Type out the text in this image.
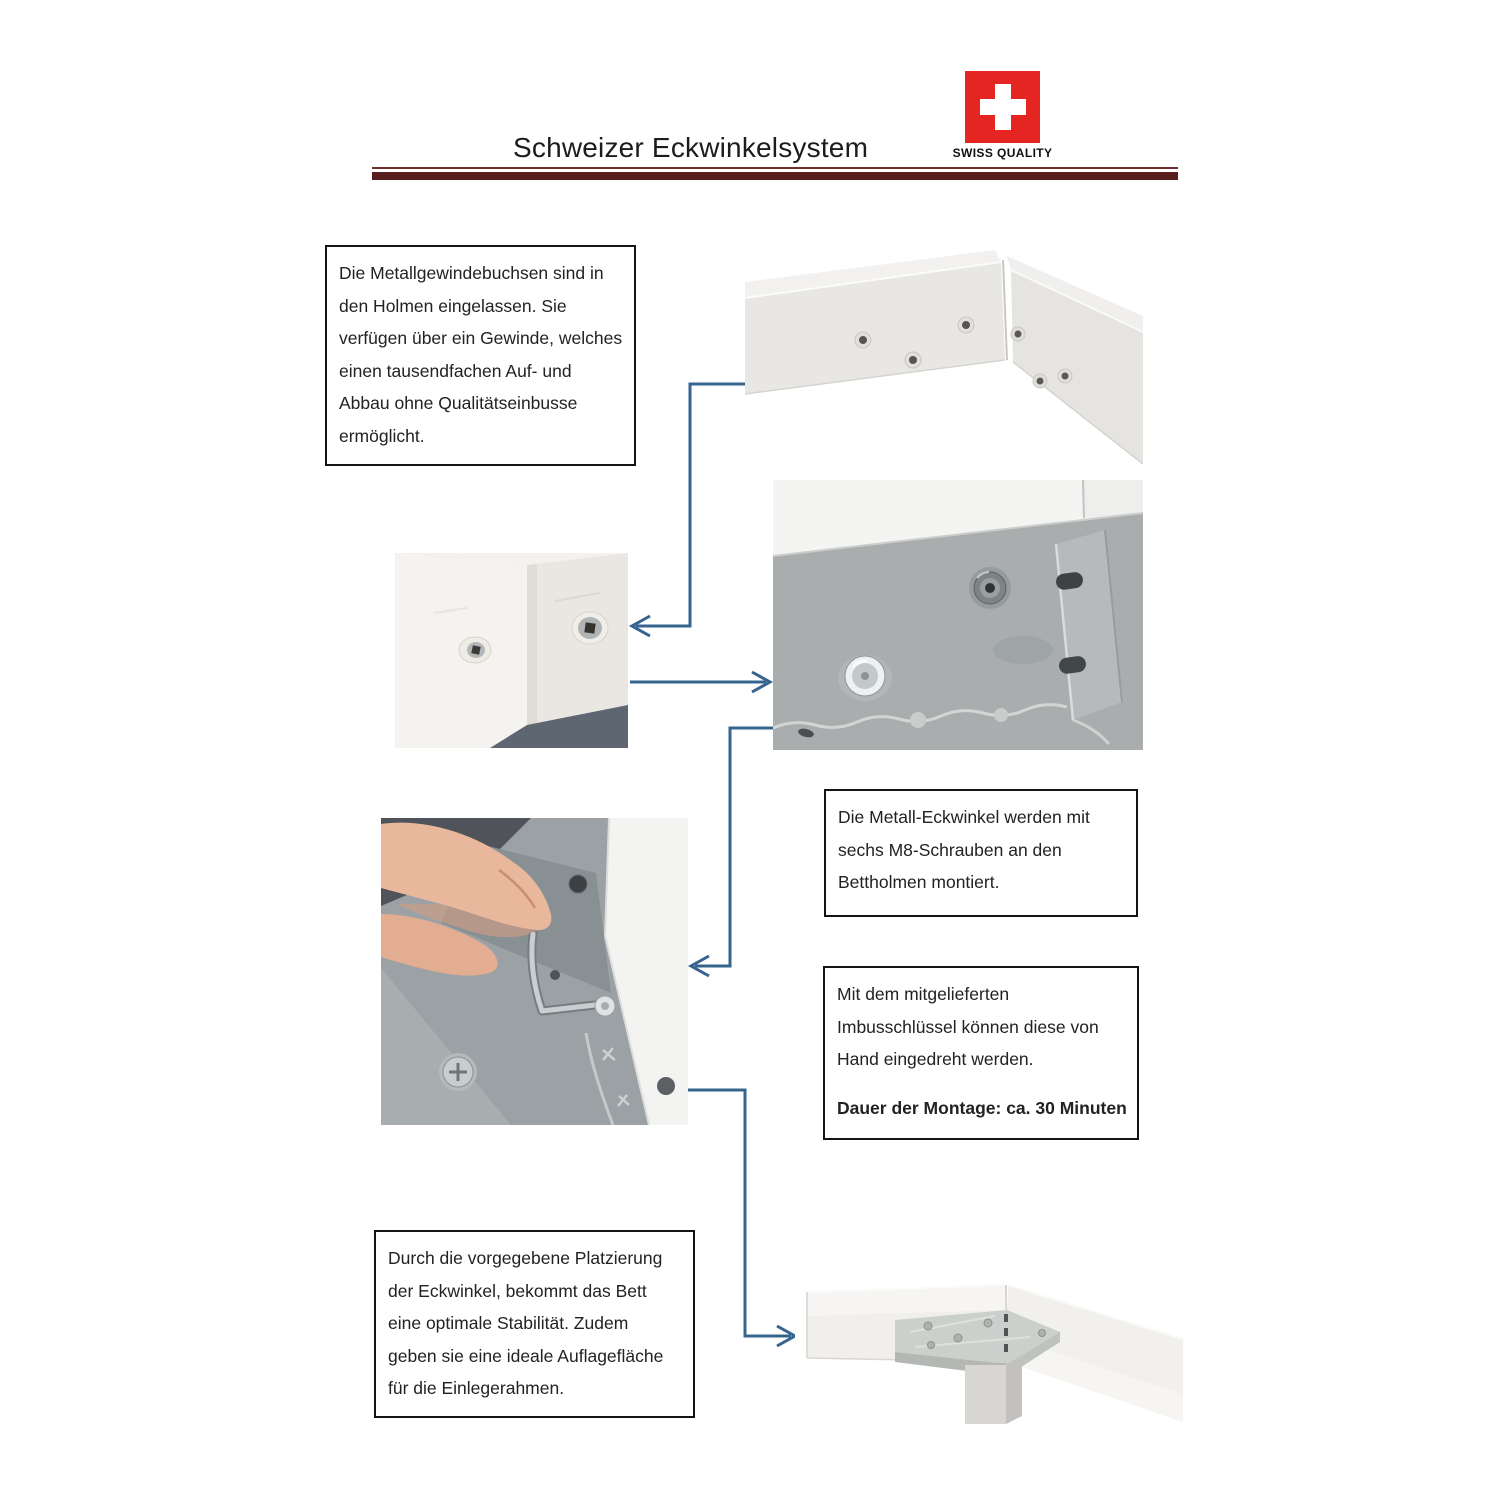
Schweizer Eckwinkelsystem	SWISS QUALITY
Die Metallgewindebuchsen sind in
den Holmen eingelassen. Sie
verfügen über ein Gewinde, welches
einen tausendfachen Auf- und
Abbau ohne Qualitätseinbusse
ermöglicht.
Die Metall-Eckwinkel werden mit
sechs M8-Schrauben an den
Bettholmen montiert.
Mit dem mitgelieferten
Imbusschlüssel können diese von
Hand eingedreht werden.
Dauer der Montage: ca. 30 Minuten
Durch die vorgegebene Platzierung
der Eckwinkel, bekommt das Bett
eine optimale Stabilität. Zudem
geben sie eine ideale Auflagefläche
für die Einlegerahmen.
